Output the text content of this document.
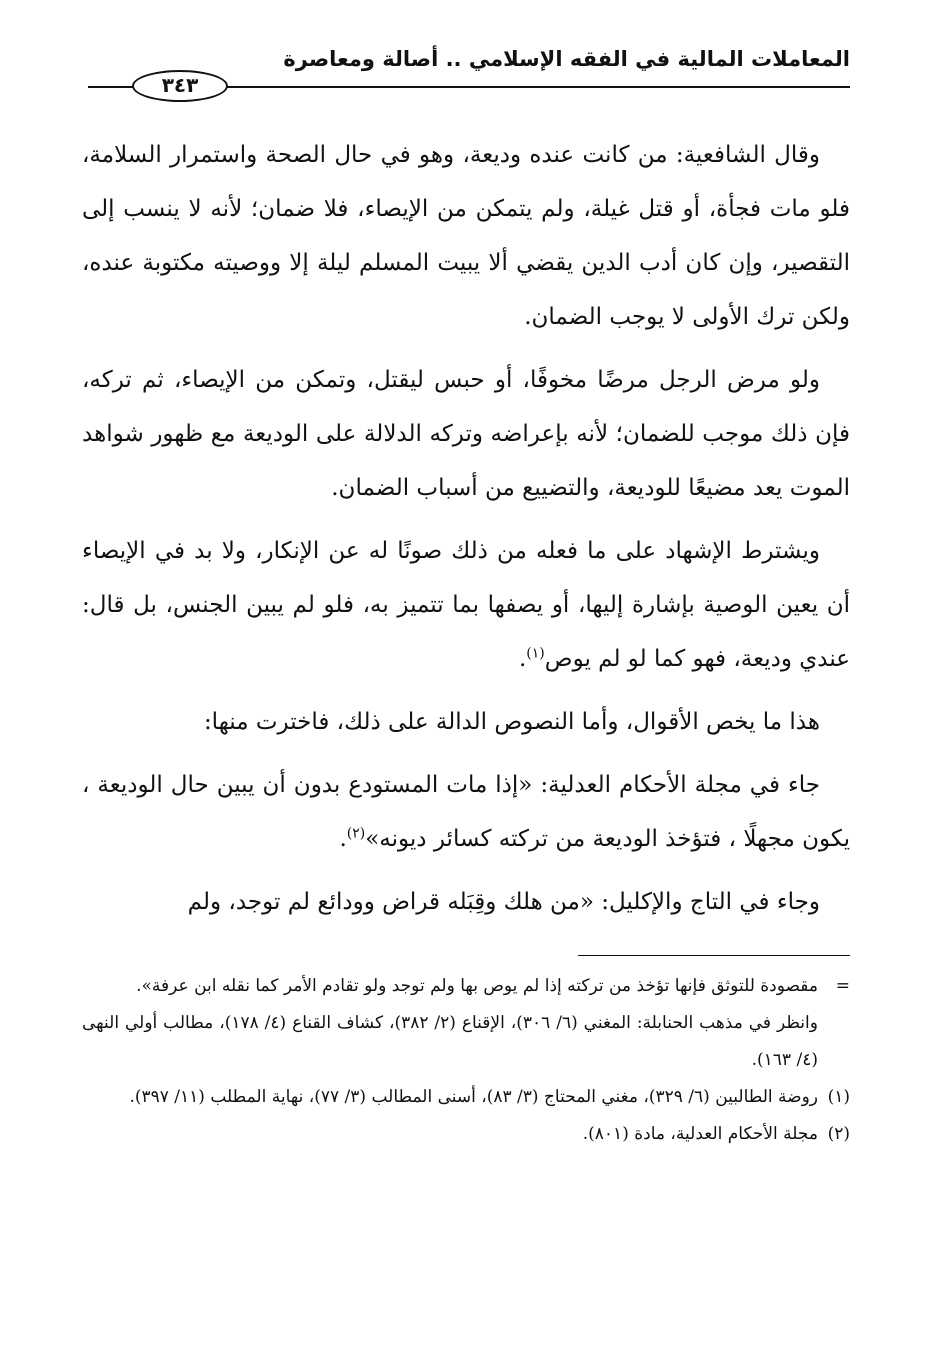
المعاملات المالية في الفقه الإسلامي .. أصالة ومعاصرة
٣٤٣

وقال الشافعية: من كانت عنده وديعة، وهو في حال الصحة واستمرار السلامة، فلو مات فجأة، أو قتل غيلة، ولم يتمكن من الإيصاء، فلا ضمان؛ لأنه لا ينسب إلى التقصير، وإن كان أدب الدين يقضي ألا يبيت المسلم ليلة إلا ووصيته مكتوبة عنده، ولكن ترك الأولى لا يوجب الضمان.

ولو مرض الرجل مرضًا مخوفًا، أو حبس ليقتل، وتمكن من الإيصاء، ثم تركه، فإن ذلك موجب للضمان؛ لأنه بإعراضه وتركه الدلالة على الوديعة مع ظهور شواهد الموت يعد مضيعًا للوديعة، والتضييع من أسباب الضمان.

ويشترط الإشهاد على ما فعله من ذلك صونًا له عن الإنكار، ولا بد في الإيصاء أن يعين الوصية بإشارة إليها، أو يصفها بما تتميز به، فلو لم يبين الجنس، بل قال: عندي وديعة، فهو كما لو لم يوص$^{(١)}$.

هذا ما يخص الأقوال، وأما النصوص الدالة على ذلك، فاخترت منها:

جاء في مجلة الأحكام العدلية: «إذا مات المستودع بدون أن يبين حال الوديعة ، يكون مجهلًا ، فتؤخذ الوديعة من تركته كسائر ديونه»$^{(٢)}$.

وجاء في التاج والإكليل: «من هلك وقِبَله قراض وودائع لم توجد، ولم

=
مقصودة للتوثق فإنها تؤخذ من تركته إذا لم يوص بها ولم توجد ولو تقادم الأمر كما نقله ابن عرفة».

وانظر في مذهب الحنابلة: المغني (٦/ ٣٠٦)، الإقناع (٢/ ٣٨٢)، كشاف القناع (٤/ ١٧٨)، مطالب أولي النهى (٤/ ١٦٣).

(١)
روضة الطالبين (٦/ ٣٢٩)، مغني المحتاج (٣/ ٨٣)، أسنى المطالب (٣/ ٧٧)، نهاية المطلب (١١/ ٣٩٧).

(٢)
مجلة الأحكام العدلية، مادة (٨٠١).
